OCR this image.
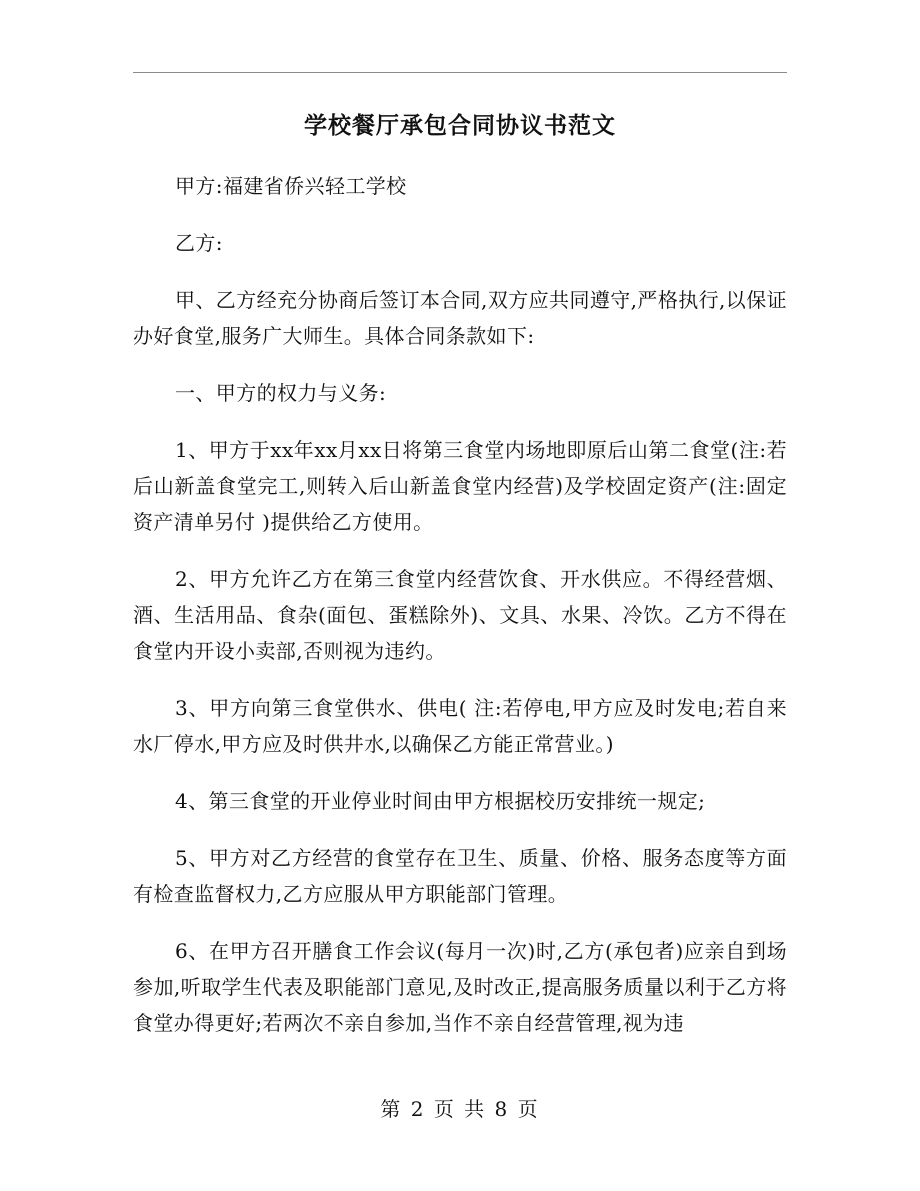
学校餐厅承包合同协议书范文

甲方:福建省侨兴轻工学校

乙方:

甲、乙方经充分协商后签订本合同,双方应共同遵守,严格执行,以保证办好食堂,服务广大师生。具体合同条款如下:

一、甲方的权力与义务:

1、甲方于xx年xx月xx日将第三食堂内场地即原后山第二食堂(注:若后山新盖食堂完工,则转入后山新盖食堂内经营)及学校固定资产(注:固定资产清单另付 )提供给乙方使用。

2、甲方允许乙方在第三食堂内经营饮食、开水供应。不得经营烟、酒、生活用品、食杂(面包、蛋糕除外)、文具、水果、冷饮。乙方不得在食堂内开设小卖部,否则视为违约。

3、甲方向第三食堂供水、供电( 注:若停电,甲方应及时发电;若自来水厂停水,甲方应及时供井水,以确保乙方能正常营业。)

4、第三食堂的开业停业时间由甲方根据校历安排统一规定;

5、甲方对乙方经营的食堂存在卫生、质量、价格、服务态度等方面有检查监督权力,乙方应服从甲方职能部门管理。

6、在甲方召开膳食工作会议(每月一次)时,乙方(承包者)应亲自到场参加,听取学生代表及职能部门意见,及时改正,提高服务质量以利于乙方将食堂办得更好;若两次不亲自参加,当作不亲自经营管理,视为违

第 2 页 共 8 页
